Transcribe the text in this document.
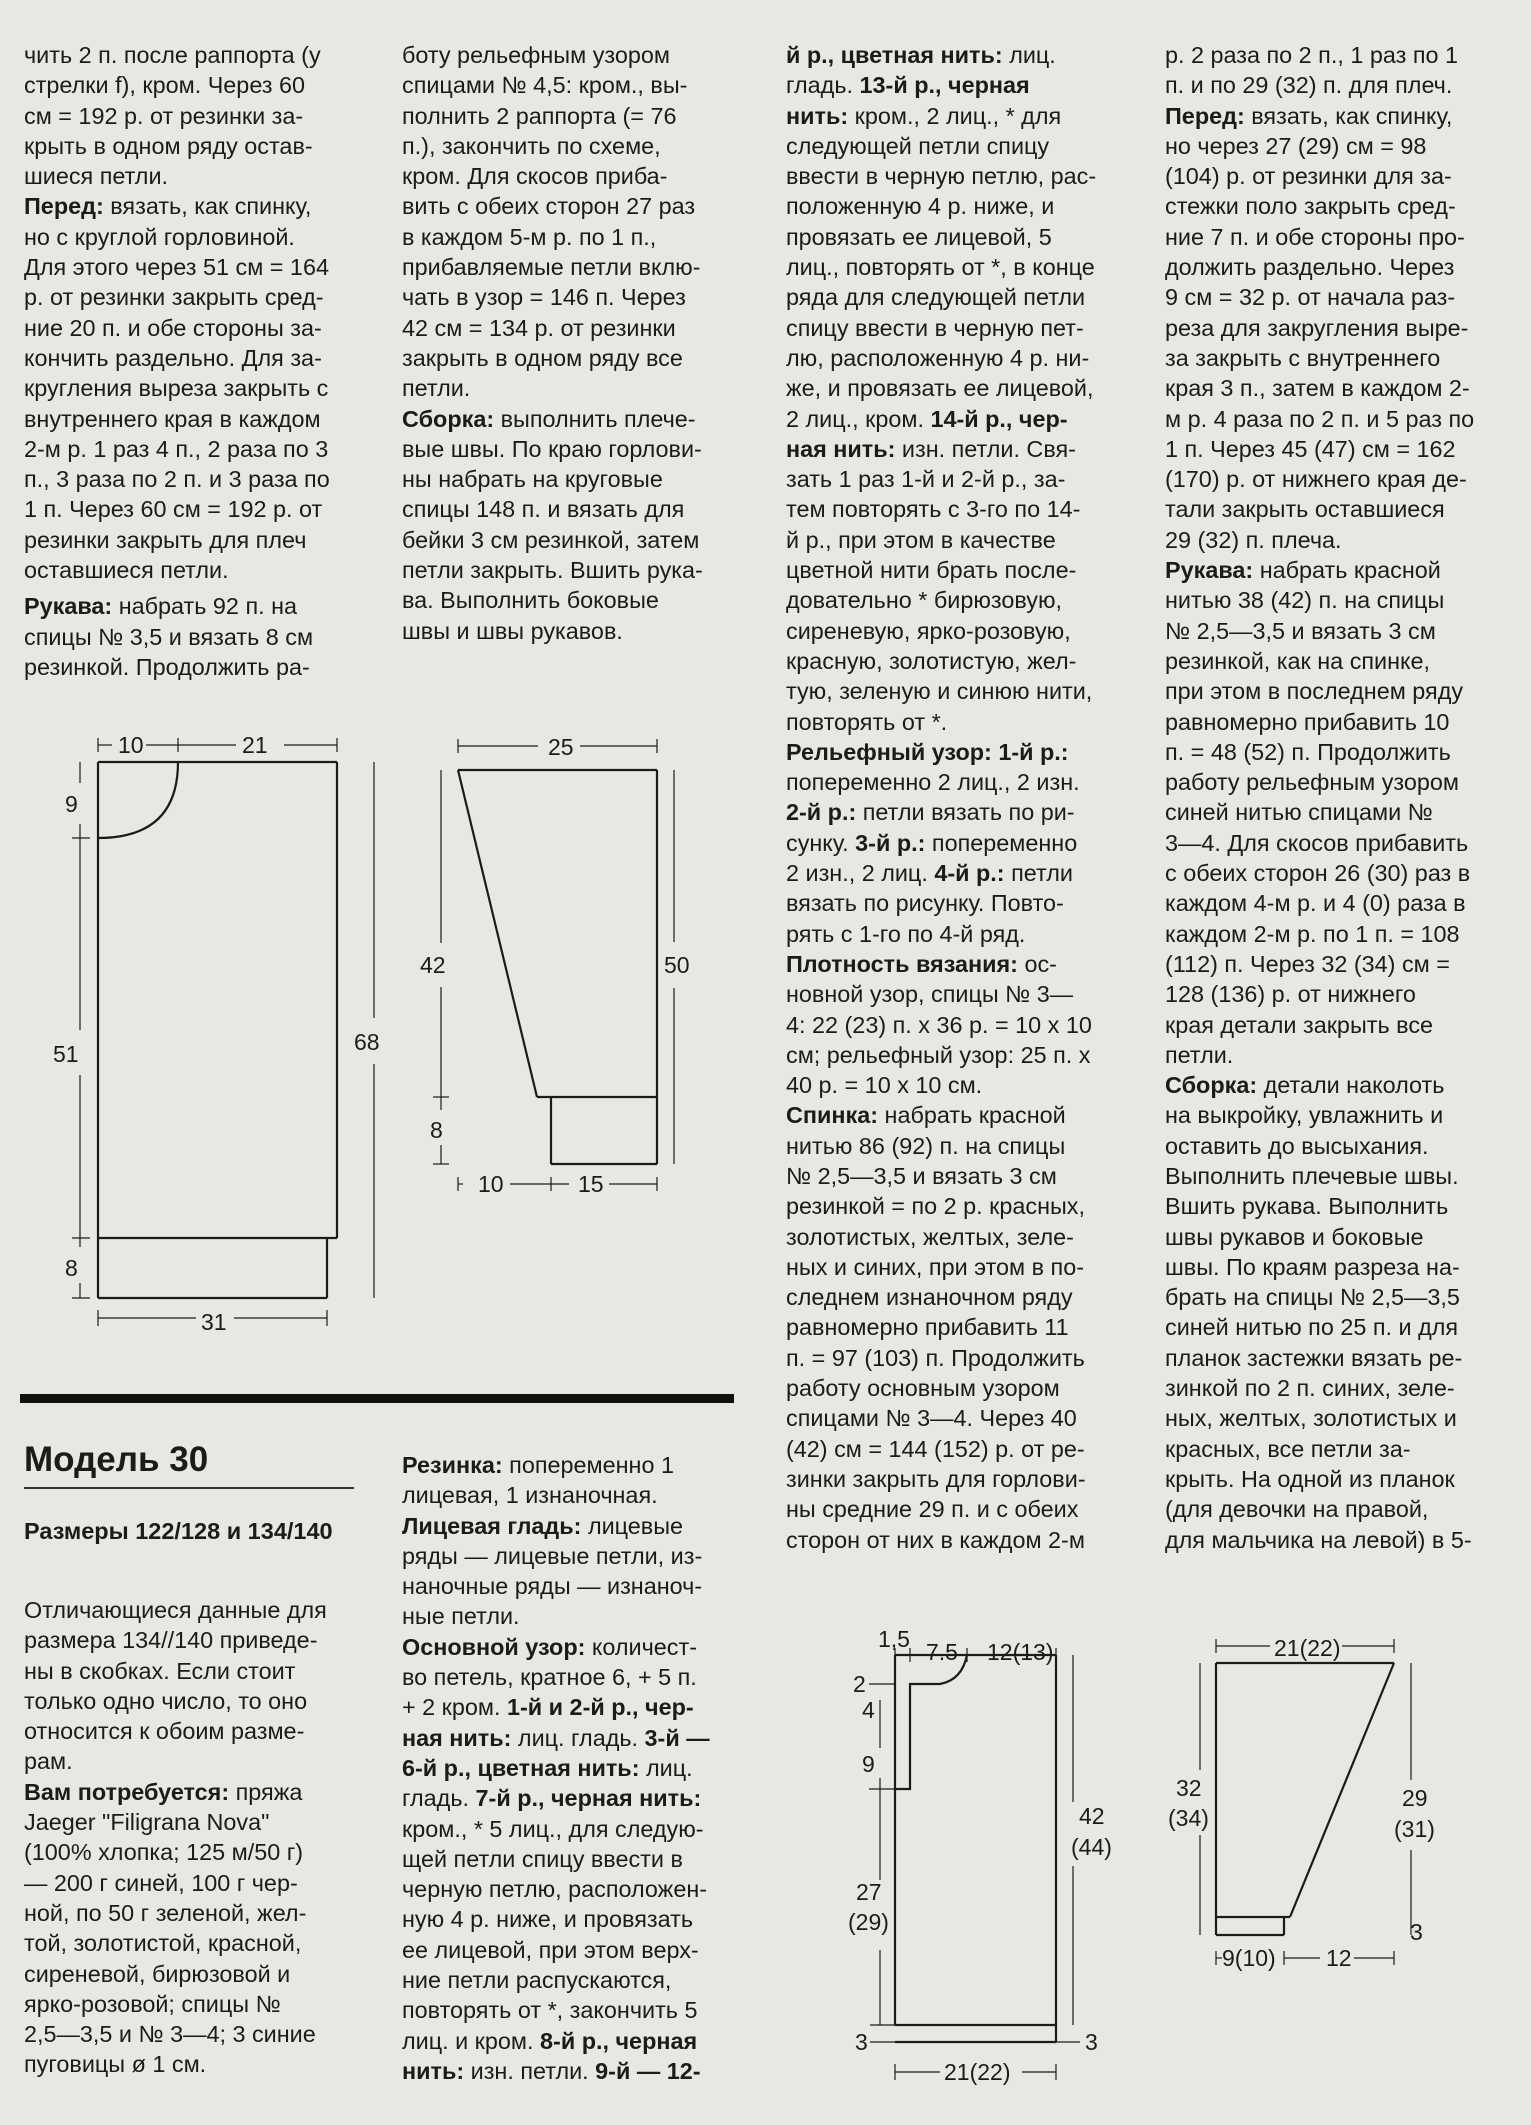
чить 2 п. после раппорта (у

стрелки f), кром. Через 60

см = 192 р. от резинки за-

крыть в одном ряду остав-

шиеся петли.

Перед: вязать, как спинку,

но с круглой горловиной.

Для этого через 51 см = 164

р. от резинки закрыть сред-

ние 20 п. и обе стороны за-

кончить раздельно. Для за-

кругления выреза закрыть с

внутреннего края в каждом

2-м р. 1 раз 4 п., 2 раза по 3

п., 3 раза по 2 п. и 3 раза по

1 п. Через 60 см = 192 р. от

резинки закрыть для плеч

оставшиеся петли.

Рукава: набрать 92 п. на

спицы № 3,5 и вязать 8 см

резинкой. Продолжить ра-

боту рельефным узором

спицами № 4,5: кром., вы-

полнить 2 раппорта (= 76

п.), закончить по схеме,

кром. Для скосов приба-

вить с обеих сторон 27 раз

в каждом 5-м р. по 1 п.,

прибавляемые петли вклю-

чать в узор = 146 п. Через

42 см = 134 р. от резинки

закрыть в одном ряду все

петли.

Сборка: выполнить плече-

вые швы. По краю горлови-

ны набрать на круговые

спицы 148 п. и вязать для

бейки 3 см резинкой, затем

петли закрыть. Вшить рука-

ва. Выполнить боковые

швы и швы рукавов.

й р., цветная нить: лиц.

гладь. 13-й р., черная

нить: кром., 2 лиц., * для

следующей петли спицу

ввести в черную петлю, рас-

положенную 4 р. ниже, и

провязать ее лицевой, 5

лиц., повторять от *, в конце

ряда для следующей петли

спицу ввести в черную пет-

лю, расположенную 4 р. ни-

же, и провязать ее лицевой,

2 лиц., кром. 14-й р., чер-

ная нить: изн. петли. Свя-

зать 1 раз 1-й и 2-й р., за-

тем повторять с 3-го по 14-

й р., при этом в качестве

цветной нити брать после-

довательно * бирюзовую,

сиреневую, ярко-розовую,

красную, золотистую, жел-

тую, зеленую и синюю нити,

повторять от *.

Рельефный узор: 1-й р.:

попеременно 2 лиц., 2 изн.

2-й р.: петли вязать по ри-

сунку. 3-й р.: попеременно

2 изн., 2 лиц. 4-й р.: петли

вязать по рисунку. Повто-

рять с 1-го по 4-й ряд.

Плотность вязания: ос-

новной узор, спицы № 3—

4: 22 (23) п. х 36 р. = 10 х 10

см; рельефный узор: 25 п. х

40 р. = 10 х 10 см.

Спинка: набрать красной

нитью 86 (92) п. на спицы

№ 2,5—3,5 и вязать 3 см

резинкой = по 2 р. красных,

золотистых, желтых, зеле-

ных и синих, при этом в по-

следнем изнаночном ряду

равномерно прибавить 11

п. = 97 (103) п. Продолжить

работу основным узором

спицами № 3—4. Через 40

(42) см = 144 (152) р. от ре-

зинки закрыть для горлови-

ны средние 29 п. и с обеих

сторон от них в каждом 2-м

р. 2 раза по 2 п., 1 раз по 1

п. и по 29 (32) п. для плеч.

Перед: вязать, как спинку,

но через 27 (29) см = 98

(104) р. от резинки для за-

стежки поло закрыть сред-

ние 7 п. и обе стороны про-

должить раздельно. Через

9 см = 32 р. от начала раз-

реза для закругления выре-

за закрыть с внутреннего

края 3 п., затем в каждом 2-

м р. 4 раза по 2 п. и 5 раз по

1 п. Через 45 (47) см = 162

(170) р. от нижнего края де-

тали закрыть оставшиеся

29 (32) п. плеча.

Рукава: набрать красной

нитью 38 (42) п. на спицы

№ 2,5—3,5 и вязать 3 см

резинкой, как на спинке,

при этом в последнем ряду

равномерно прибавить 10

п. = 48 (52) п. Продолжить

работу рельефным узором

синей нитью спицами №

3—4. Для скосов прибавить

с обеих сторон 26 (30) раз в

каждом 4-м р. и 4 (0) раза в

каждом 2-м р. по 1 п. = 108

(112) п. Через 32 (34) см =

128 (136) р. от нижнего

края детали закрыть все

петли.

Сборка: детали наколоть

на выкройку, увлажнить и

оставить до высыхания.

Выполнить плечевые швы.

Вшить рукава. Выполнить

швы рукавов и боковые

швы. По краям разреза на-

брать на спицы № 2,5—3,5

синей нитью по 25 п. и для

планок застежки вязать ре-

зинкой по 2 п. синих, зеле-

ных, желтых, золотистых и

красных, все петли за-

крыть. На одной из планок

(для девочки на правой,

для мальчика на левой) в 5-

Модель 30
Размеры 122/128 и 134/140

Отличающиеся данные для

размера 134//140 приведе-

ны в скобках. Если стоит

только одно число, то оно

относится к обоим разме-

рам.

Вам потребуется: пряжа

Jaeger "Filigrana Nova"

(100% хлопка; 125 м/50 г)

— 200 г синей, 100 г чер-

ной, по 50 г зеленой, жел-

той, золотистой, красной,

сиреневой, бирюзовой и

ярко-розовой; спицы №

2,5—3,5 и № 3—4; 3 синие

пуговицы ø 1 см.

Резинка: попеременно 1

лицевая, 1 изнаночная.

Лицевая гладь: лицевые

ряды — лицевые петли, из-

наночные ряды — изнаноч-

ные петли.

Основной узор: количест-

во петель, кратное 6, + 5 п.

+ 2 кром. 1-й и 2-й р., чер-

ная нить: лиц. гладь. 3-й —

6-й р., цветная нить: лиц.

гладь. 7-й р., черная нить:

кром., * 5 лиц., для следую-

щей петли спицу ввести в

черную петлю, расположен-

ную 4 р. ниже, и провязать

ее лицевой, при этом верх-

ние петли распускаются,

повторять от *, закончить 5

лиц. и кром. 8-й р., черная

нить: изн. петли. 9-й — 12-

10	21
9
51	68
8
31
25
42	50
8
10	15
1,5 7.5 12(13)
2
4
9
27
(29)
42
(44)
3	3
21(22)
21(22)
32
(34)
29
(31)
3
9(10) 12
